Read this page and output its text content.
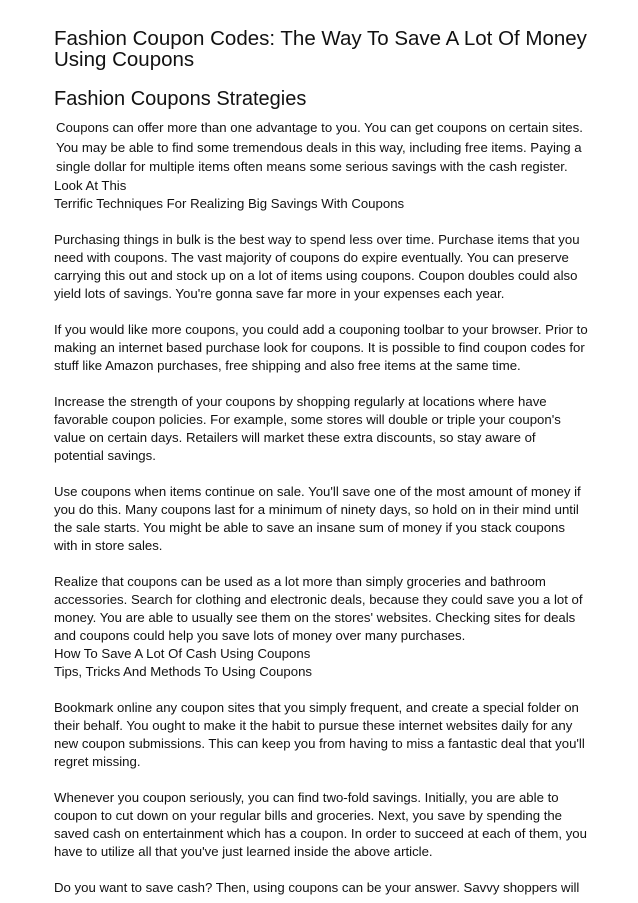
Fashion Coupon Codes: The Way To Save A Lot Of Money Using Coupons
Fashion Coupons Strategies

Coupons can offer more than one advantage to you. You can get coupons on certain sites. You may be able to find some tremendous deals in this way, including free items. Paying a single dollar for multiple items often means some serious savings with the cash register.

Look At This

Terrific Techniques For Realizing Big Savings With Coupons

Purchasing things in bulk is the best way to spend less over time. Purchase items that you need with coupons. The vast majority of coupons do expire eventually. You can preserve carrying this out and stock up on a lot of items using coupons. Coupon doubles could also yield lots of savings. You're gonna save far more in your expenses each year.

If you would like more coupons, you could add a couponing toolbar to your browser. Prior to making an internet based purchase look for coupons. It is possible to find coupon codes for stuff like Amazon purchases, free shipping and also free items at the same time.

Increase the strength of your coupons by shopping regularly at locations where have favorable coupon policies. For example, some stores will double or triple your coupon's value on certain days. Retailers will market these extra discounts, so stay aware of potential savings.

Use coupons when items continue on sale. You'll save one of the most amount of money if you do this. Many coupons last for a minimum of ninety days, so hold on in their mind until the sale starts. You might be able to save an insane sum of money if you stack coupons with in store sales.

Realize that coupons can be used as a lot more than simply groceries and bathroom accessories. Search for clothing and electronic deals, because they could save you a lot of money. You are able to usually see them on the stores' websites. Checking sites for deals and coupons could help you save lots of money over many purchases.

How To Save A Lot Of Cash Using Coupons

Tips, Tricks And Methods To Using Coupons

Bookmark online any coupon sites that you simply frequent, and create a special folder on their behalf. You ought to make it the habit to pursue these internet websites daily for any new coupon submissions. This can keep you from having to miss a fantastic deal that you'll regret missing.

Whenever you coupon seriously, you can find two-fold savings. Initially, you are able to coupon to cut down on your regular bills and groceries. Next, you save by spending the saved cash on entertainment which has a coupon. In order to succeed at each of them, you have to utilize all that you've just learned inside the above article.

Do you want to save cash? Then, using coupons can be your answer. Savvy shoppers will
